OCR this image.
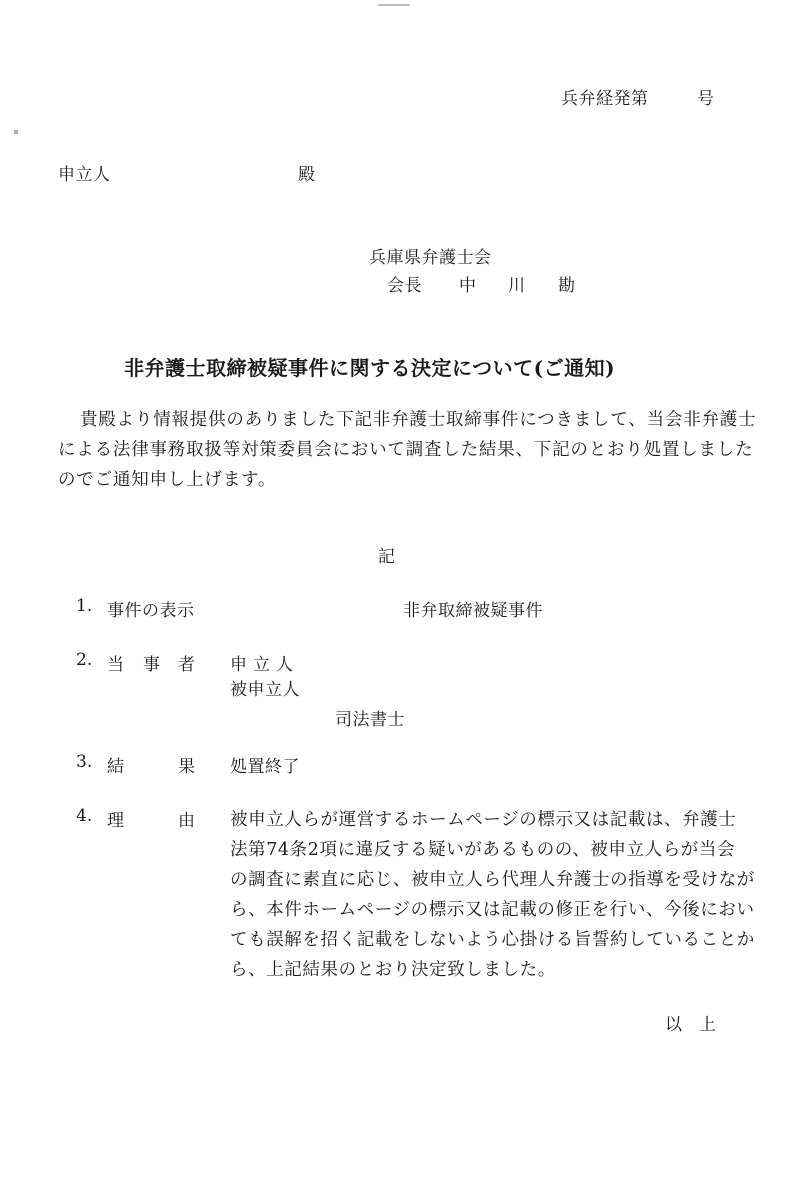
兵弁経発第	号
申立人	殿
兵庫県弁護士会
会長 中 川 勘
非弁護士取締被疑事件に関する決定について(ご通知)
貴殿より情報提供のありました下記非弁護士取締事件につきまして、当会非弁護士
による法律事務取扱等対策委員会において調査した結果、下記のとおり処置しました
のでご通知申し上げます。
記
1. 事件の表示	非弁取締被疑事件
2. 当 事 者 申立人
被申立人
司法書士
3. 結	果 処置終了
4. 理	由 被申立人らが運営するホームページの標示又は記載は、弁護士
法第74条2項に違反する疑いがあるものの、被申立人らが当会
の調査に素直に応じ、被申立人ら代理人弁護士の指導を受けなが
ら、本件ホームページの標示又は記載の修正を行い、今後におい
ても誤解を招く記載をしないよう心掛ける旨誓約していることか
ら、上記結果のとおり決定致しました。
以　上
